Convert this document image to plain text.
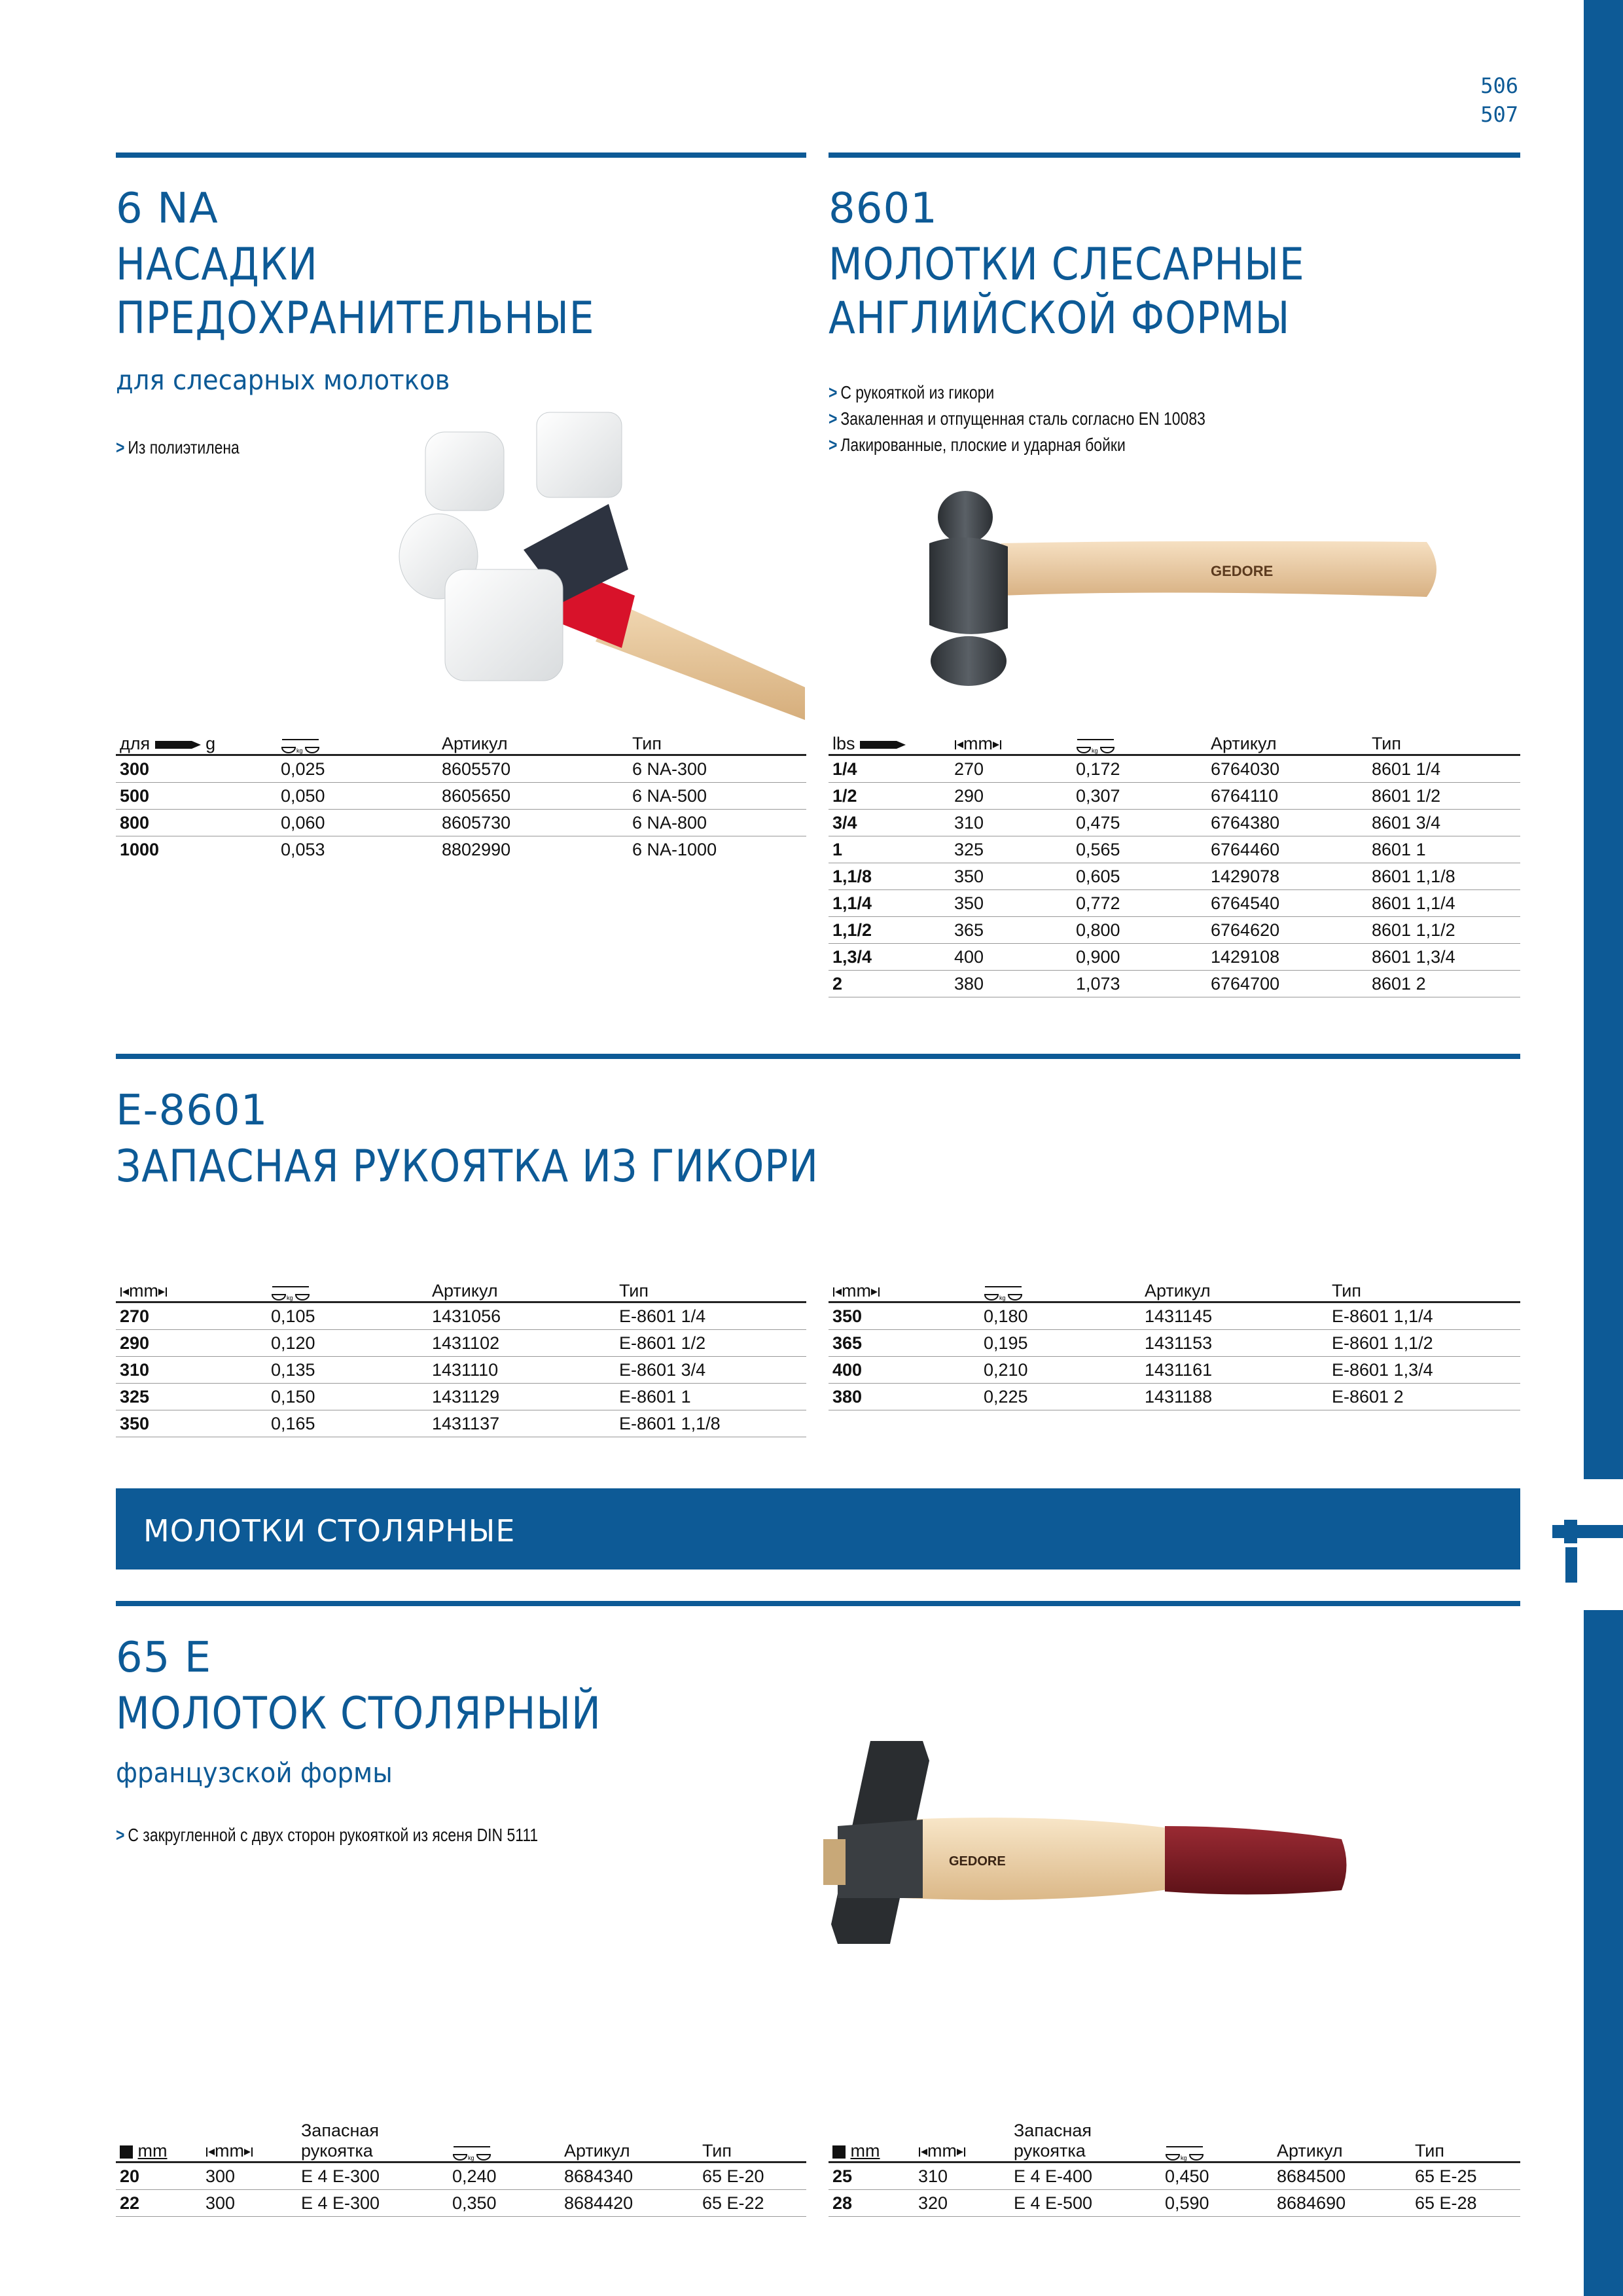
506
507
6 NA
НАСАДКИ
ПРЕДОХРАНИТЕЛЬНЫЕ
для слесарных молотков
> Из полиэтилена
для g	kg	Артикул	Тип
300	0,025	8605570	6 NA-300
500	0,050	8605650	6 NA-500
800	0,060	8605730	6 NA-800
1000	0,053	8802990	6 NA-1000
8601
МОЛОТКИ СЛЕСАРНЫЕ
АНГЛИЙСКОЙ ФОРМЫ
> С рукояткой из гикори
> Закаленная и отпущенная сталь согласно EN 10083
> Лакированные, плоские и ударная бойки
GEDORE
lbs	mm	kg	Артикул	Тип
1/4	270	0,172	6764030	8601 1/4
1/2	290	0,307	6764110	8601 1/2
3/4	310	0,475	6764380	8601 3/4
1	325	0,565	6764460	8601 1
1,1/8	350	0,605	1429078	8601 1,1/8
1,1/4	350	0,772	6764540	8601 1,1/4
1,1/2	365	0,800	6764620	8601 1,1/2
1,3/4	400	0,900	1429108	8601 1,3/4
2	380	1,073	6764700	8601 2
E-8601
ЗАПАСНАЯ РУКОЯТКА ИЗ ГИКОРИ
mm	kg	Артикул	Тип
270	0,105	1431056	E-8601 1/4
290	0,120	1431102	E-8601 1/2
310	0,135	1431110	E-8601 3/4
325	0,150	1431129	E-8601 1
350	0,165	1431137	E-8601 1,1/8
mm	kg	Артикул	Тип
350	0,180	1431145	E-8601 1,1/4
365	0,195	1431153	E-8601 1,1/2
400	0,210	1431161	E-8601 1,3/4
380	0,225	1431188	E-8601 2
МОЛОТКИ СТОЛЯРНЫЕ
65 E
МОЛОТОК СТОЛЯРНЫЙ
французской формы
> С закругленной с двух сторон рукояткой из ясеня DIN 5111
GEDORE
mm	mm	Запасная рукоятка	kg	Артикул	Тип
20	300	E 4 E-300	0,240	8684340	65 E-20
22	300	E 4 E-300	0,350	8684420	65 E-22
mm	mm	Запасная рукоятка	kg	Артикул	Тип
25	310	E 4 E-400	0,450	8684500	65 E-25
28	320	E 4 E-500	0,590	8684690	65 E-28
